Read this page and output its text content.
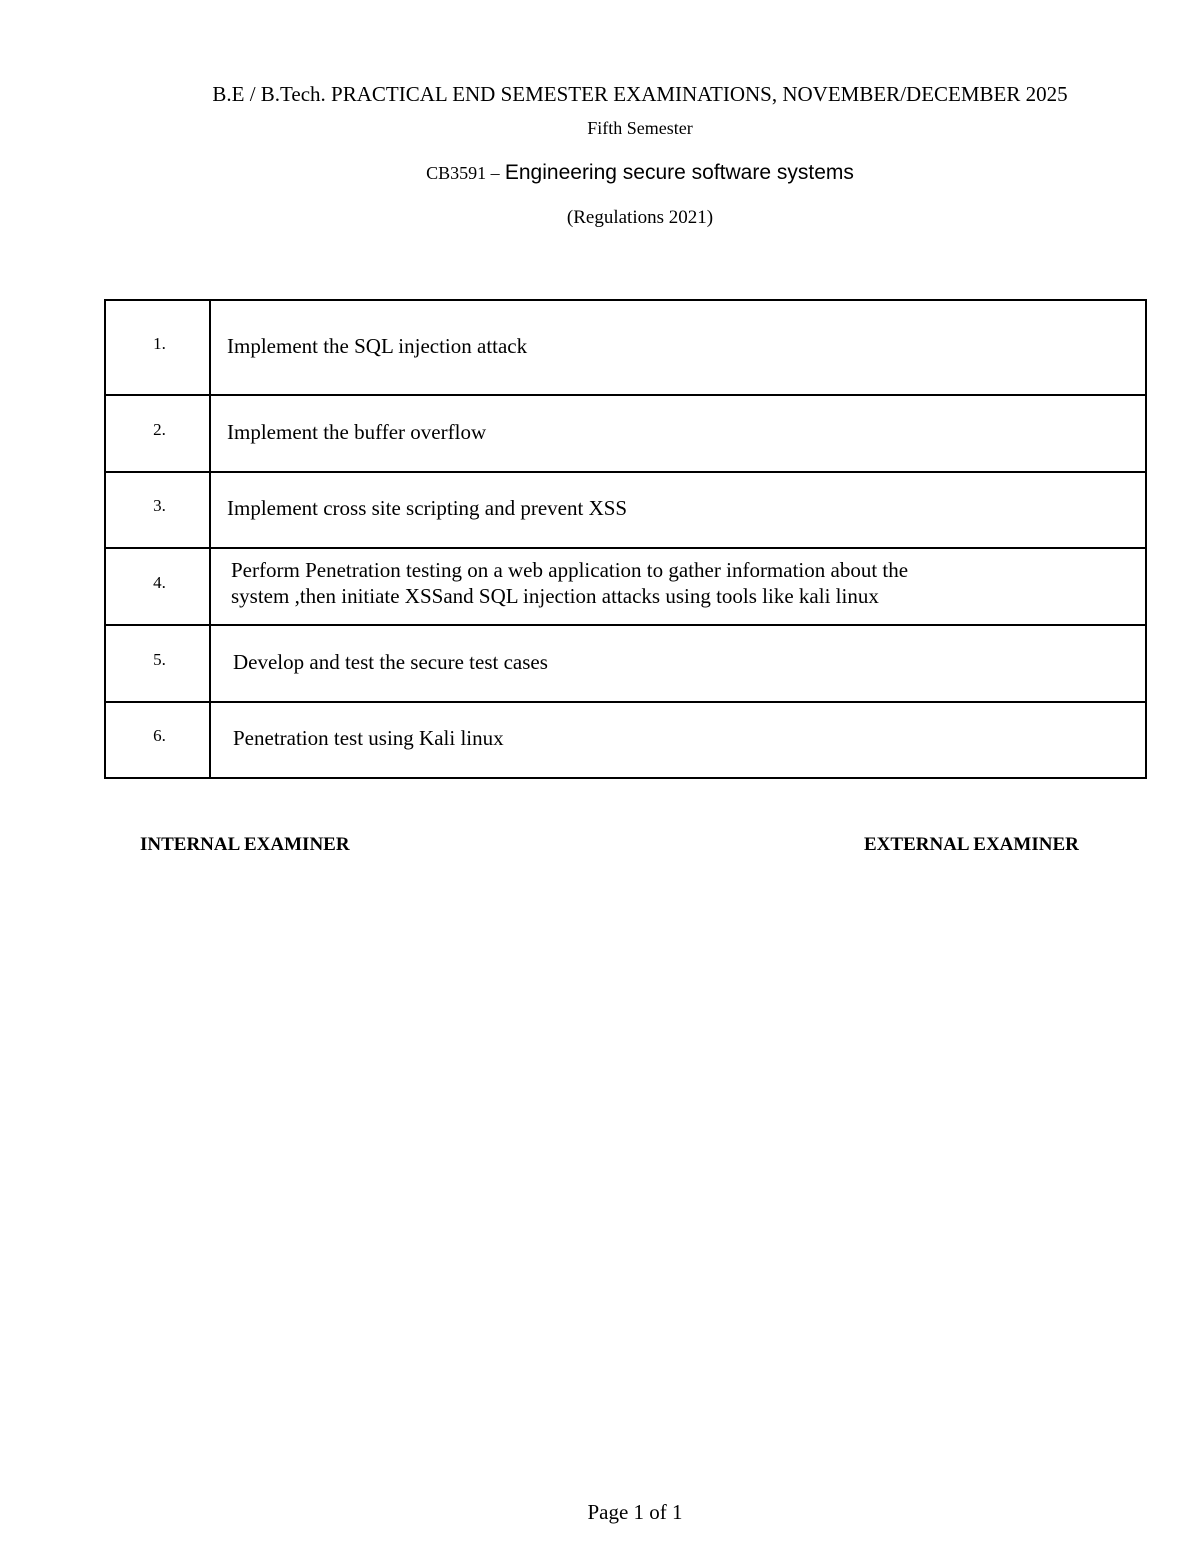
B.E / B.Tech. PRACTICAL END SEMESTER EXAMINATIONS, NOVEMBER/DECEMBER 2025
Fifth Semester
CB3591 – Engineering secure software systems
(Regulations 2021)
1.	Implement the SQL injection attack
2.	Implement the buffer overflow
3.	Implement cross site scripting and prevent XSS
4.	Perform Penetration testing on a web application to gather information about the
system ,then initiate XSSand SQL injection attacks using tools like kali linux

5.	Develop and test the secure test cases
6.	Penetration test using Kali linux
INTERNAL EXAMINER	EXTERNAL EXAMINER
Page 1 of 1
